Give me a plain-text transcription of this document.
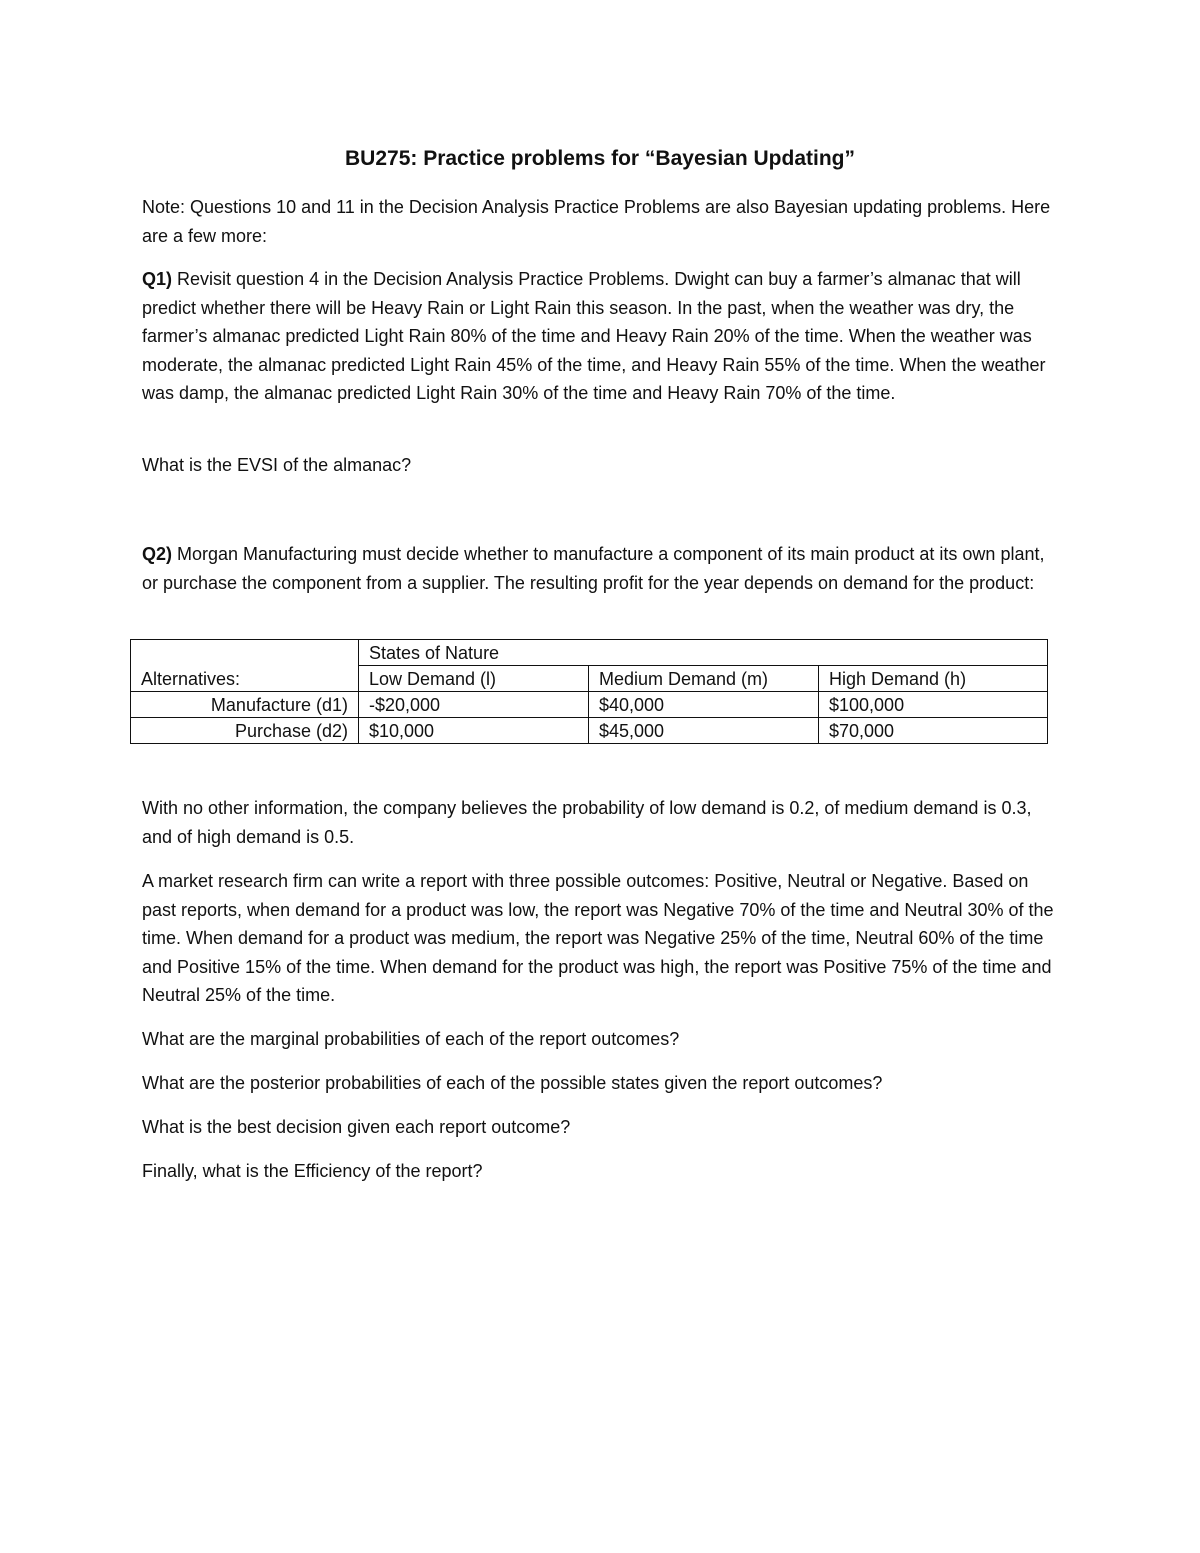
BU275: Practice problems for “Bayesian Updating”

Note: Questions 10 and 11 in the Decision Analysis Practice Problems are also Bayesian updating problems. Here are a few more:

Q1) Revisit question 4 in the Decision Analysis Practice Problems. Dwight can buy a farmer’s almanac that will predict whether there will be Heavy Rain or Light Rain this season. In the past, when the weather was dry, the farmer’s almanac predicted Light Rain 80% of the time and Heavy Rain 20% of the time. When the weather was moderate, the almanac predicted Light Rain 45% of the time, and Heavy Rain 55% of the time. When the weather was damp, the almanac predicted Light Rain 30% of the time and Heavy Rain 70% of the time.

What is the EVSI of the almanac?

Q2) Morgan Manufacturing must decide whether to manufacture a component of its main product at its own plant, or purchase the component from a supplier. The resulting profit for the year depends on demand for the product:

	States of Nature		
Alternatives:	Low Demand (l)	Medium Demand (m)	High Demand (h)
Manufacture (d1)	-$20,000	$40,000	$100,000
Purchase (d2)	$10,000	$45,000	$70,000

With no other information, the company believes the probability of low demand is 0.2, of medium demand is 0.3, and of high demand is 0.5.

A market research firm can write a report with three possible outcomes: Positive, Neutral or Negative. Based on past reports, when demand for a product was low, the report was Negative 70% of the time and Neutral 30% of the time. When demand for a product was medium, the report was Negative 25% of the time, Neutral 60% of the time and Positive 15% of the time. When demand for the product was high, the report was Positive 75% of the time and Neutral 25% of the time.

What are the marginal probabilities of each of the report outcomes?

What are the posterior probabilities of each of the possible states given the report outcomes?

What is the best decision given each report outcome?

Finally, what is the Efficiency of the report?
